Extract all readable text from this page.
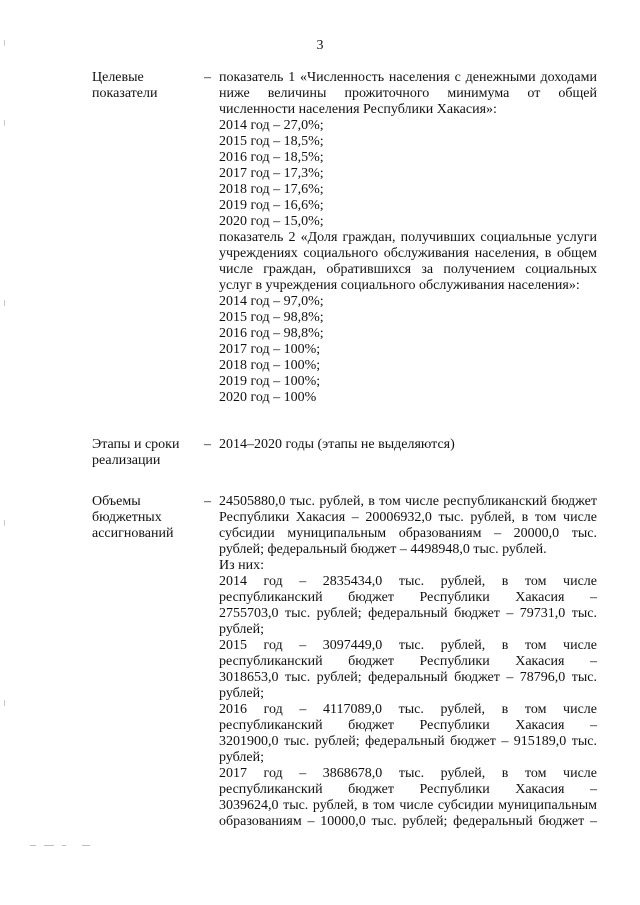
3
Целевые
показатели
– показатель 1 «Численность населения с денежными доходами
ниже величины прожиточного минимума от общей
численности населения Республики Хакасия»:
2014 год – 27,0%;
2015 год – 18,5%;
2016 год – 18,5%;
2017 год – 17,3%;
2018 год – 17,6%;
2019 год – 16,6%;
2020 год – 15,0%;
показатель 2 «Доля граждан, получивших социальные услуги
учреждениях социального обслуживания населения, в общем
числе граждан, обратившихся за получением социальных
услуг в учреждения социального обслуживания населения»:
2014 год – 97,0%;
2015 год – 98,8%;
2016 год – 98,8%;
2017 год – 100%;
2018 год – 100%;
2019 год – 100%;
2020 год – 100%
Этапы и сроки
реализации
– 2014–2020 годы (этапы не выделяются)
Объемы
бюджетных
ассигнований
– 24505880,0 тыс. рублей, в том числе республиканский бюджет
Республики Хакасия – 20006932,0 тыс. рублей, в том числе
субсидии муниципальным образованиям – 20000,0 тыс.
рублей; федеральный бюджет – 4498948,0 тыс. рублей.
Из них:
2014 год – 2835434,0 тыс. рублей, в том числе
республиканский бюджет Республики Хакасия –
2755703,0 тыс. рублей; федеральный бюджет – 79731,0 тыс.
рублей;
2015 год – 3097449,0 тыс. рублей, в том числе
республиканский бюджет Республики Хакасия –
3018653,0 тыс. рублей; федеральный бюджет – 78796,0 тыс.
рублей;
2016 год – 4117089,0 тыс. рублей, в том числе
республиканский бюджет Республики Хакасия –
3201900,0 тыс. рублей; федеральный бюджет – 915189,0 тыс.
рублей;
2017 год – 3868678,0 тыс. рублей, в том числе
республиканский бюджет Республики Хакасия –
3039624,0 тыс. рублей, в том числе субсидии муниципальным
образованиям – 10000,0 тыс. рублей; федеральный бюджет –
